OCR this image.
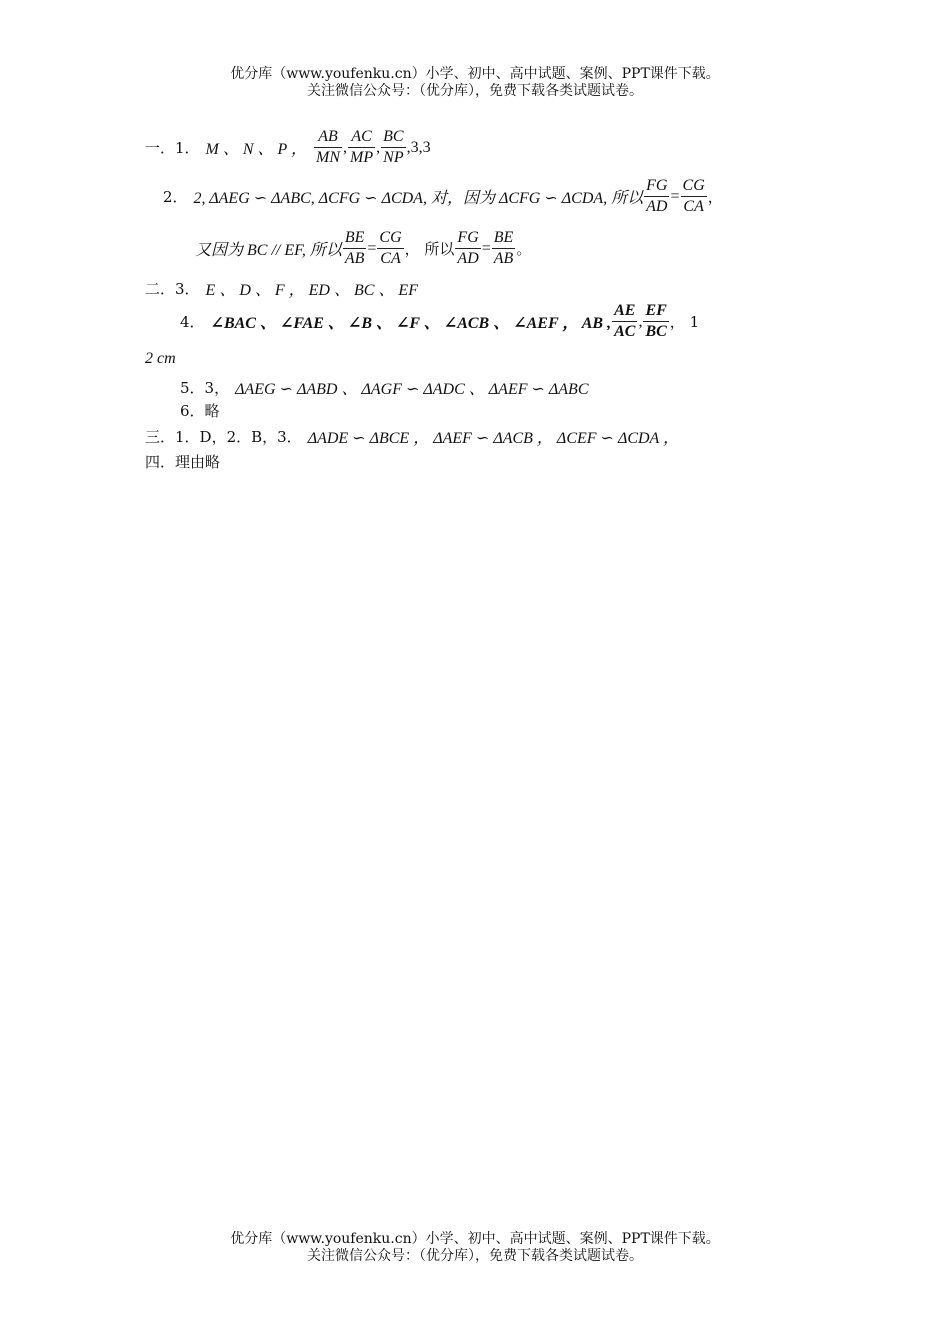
优分库（www.youfenku.cn）小学、初中、高中试题、案例、PPT课件下载。
关注微信公众号：（优分库），免费下载各类试题试卷。
一．1． M 、 N 、 P ， $\frac{AB}{MN}$ , $\frac{AC}{MP}$ , $\frac{BC}{NP} ,3,3$
2． 2, ΔAEG ∽ ΔABC, ΔCFG ∽ ΔCDA, 对，因为 ΔCFG ∽ ΔCDA, 所以 $\frac{FG}{AD} = \frac{CG}{CA}$ ，
又因为 BC // EF, 所以 $\frac{BE}{AB} = \frac{CG}{CA}$ ， 所以 $\frac{FG}{AD} = \frac{BE}{AB}$ 。
二．3． E 、 D 、 F ， ED 、 BC 、 EF
4． ∠BAC 、 ∠FAE 、 ∠B 、 ∠F 、 ∠ACB 、 ∠AEF ， AB , $\frac{AE}{AC}$ , $\frac{EF}{BC}$ ， 1
2 cm
5．3， ΔAEG ∽ ΔABD 、 ΔAGF ∽ ΔADC 、 ΔAEF ∽ ΔABC
6．略
三．1．D，2．B，3． ΔADE ∽ ΔBCE ， ΔAEF ∽ ΔACB ， ΔCEF ∽ ΔCDA ，
四．理由略
优分库（www.youfenku.cn）小学、初中、高中试题、案例、PPT课件下载。
关注微信公众号：（优分库），免费下载各类试题试卷。
